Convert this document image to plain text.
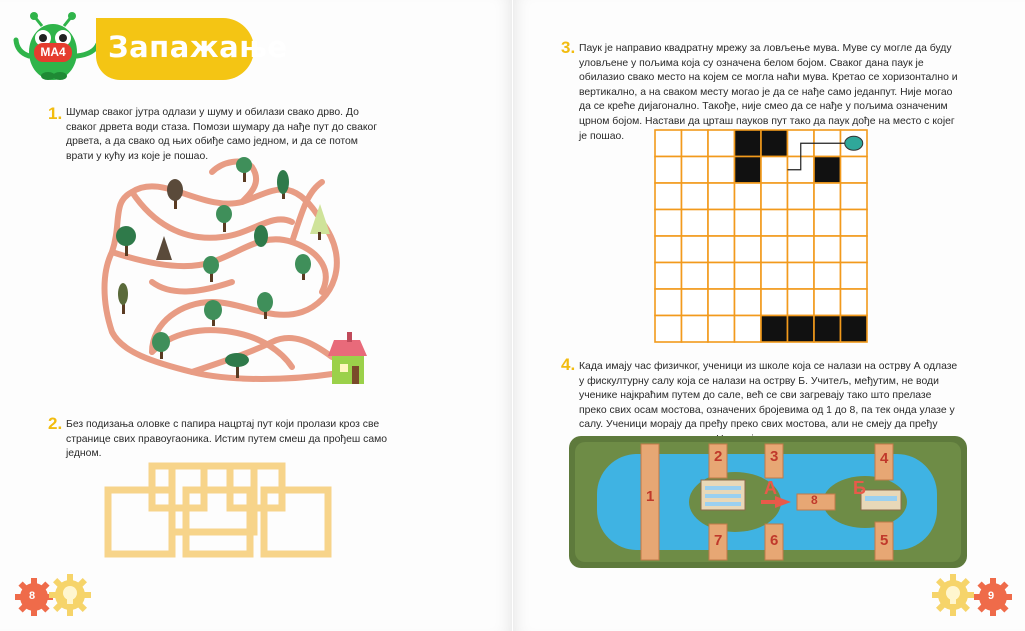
МА4 Запажање
1. Шумар сваког јутра одлази у шуму и обилази свако дрво. До сваког дрвета води стаза. Помози шумару да нађе пут до сваког дрвета, а да свако од њих обиђе само једном, и да се потом врати у кућу из које је пошао.
2. Без подизања оловке с папира нацртај пут који пролази кроз све странице свих правоугаоника. Истим путем смеш да прођеш само једном.
8
3. Паук је направио квадратну мрежу за ловљење мува. Муве су могле да буду уловљене у пољима која су означена белом бојом. Сваког дана паук је обилазио свако место на којем се могла наћи мува. Кретао се хоризонтално и вертикално, а на сваком месту могао је да се нађе само једанпут. Није могао да се креће дијагонално. Такође, није смео да се нађе у пољима означеним црном бојом. Настави да црташ пауков пут тако да паук дође на место с којег је пошао.
4. Када имају час физичког, ученици из школе која се налази на острву А одлазе у фискултурну салу која се налази на острву Б. Учитељ, међутим, не води ученике најкраћим путем до сале, већ се сви загревају тако што прелазе преко свих осам мостова, означених бројевима од 1 до 8, па тек онда улазе у салу. Ученици морају да пређу преко свих мостова, али не смеју да пређу
1
2	3	4
5
6
7
8
А	Б
9
